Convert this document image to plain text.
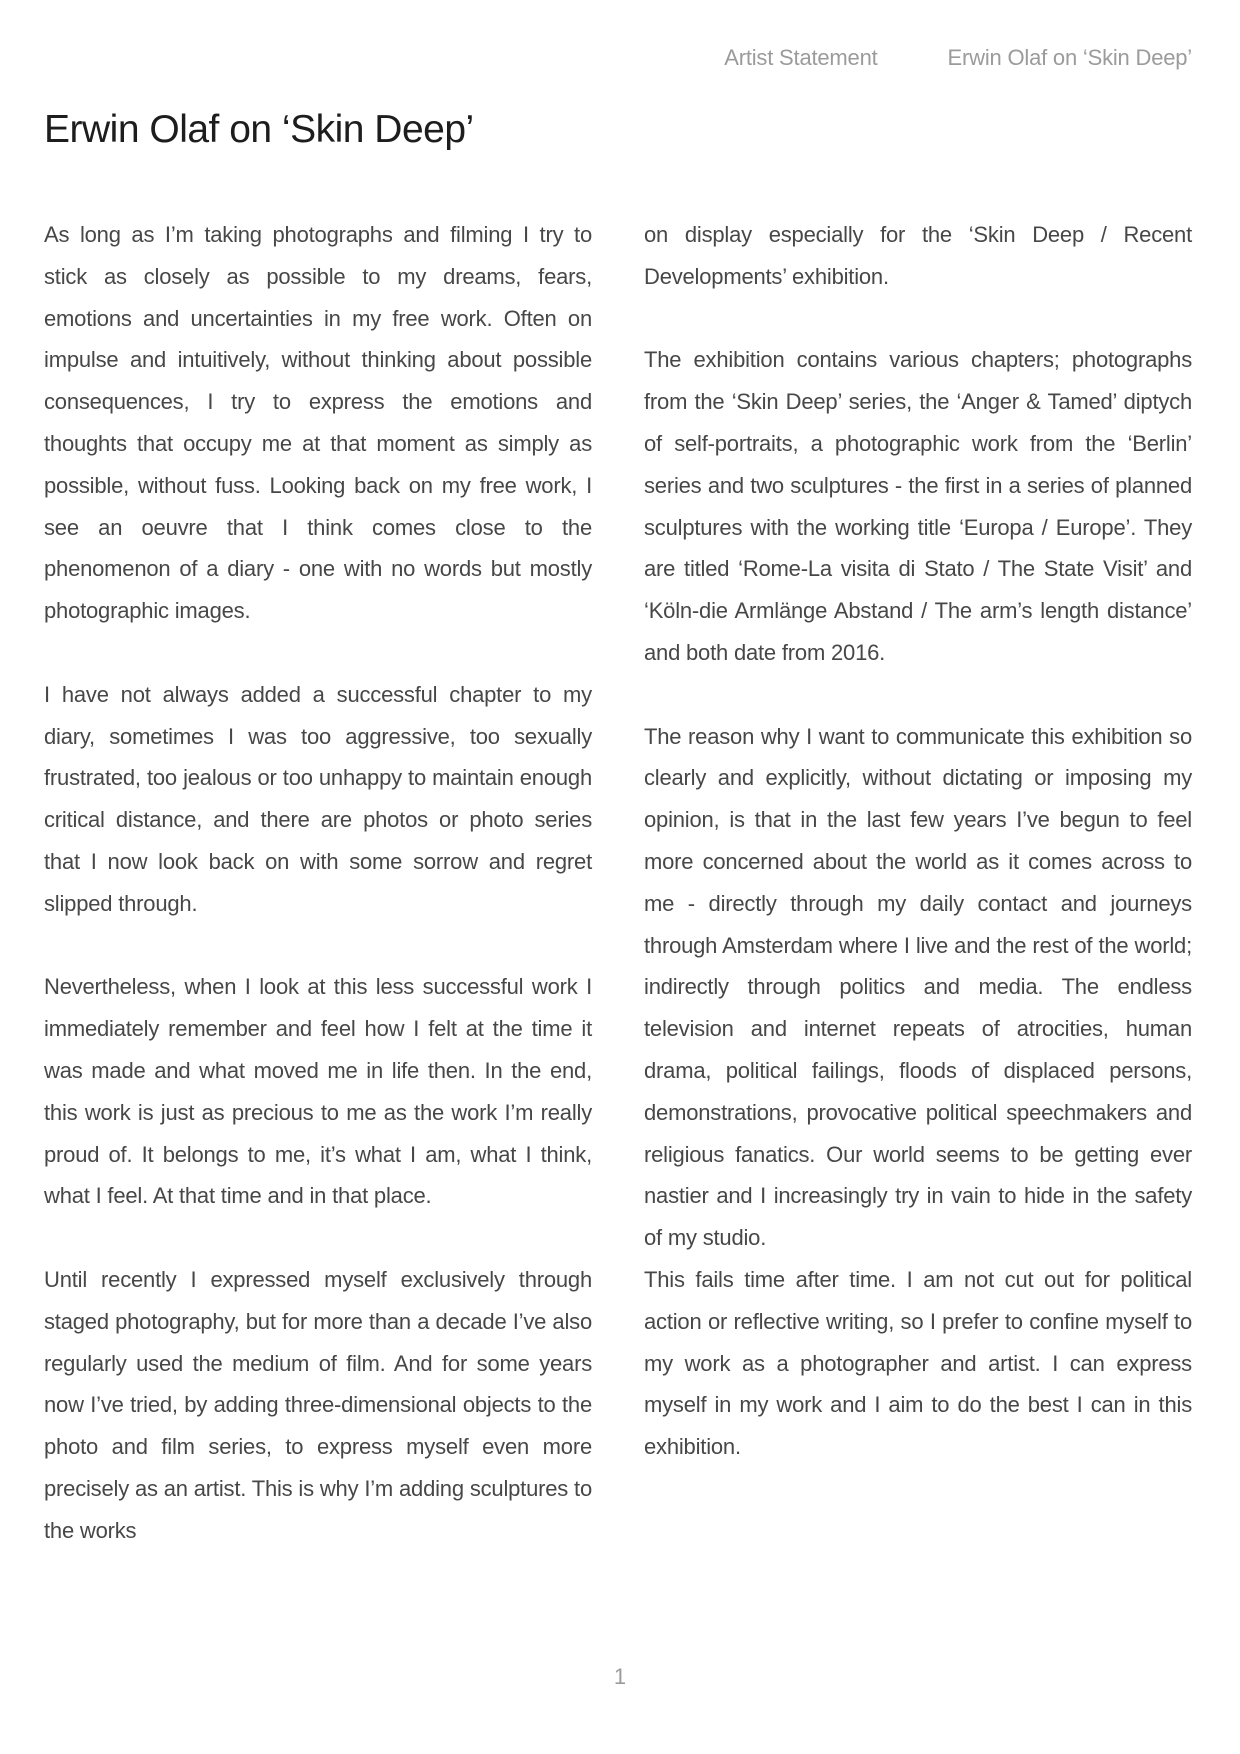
Artist Statement	Erwin Olaf on ‘Skin Deep’
Erwin Olaf on ‘Skin Deep’

As long as I’m taking photographs and filming I try to stick as closely as possible to my dreams, fears, emotions and uncertainties in my free work. Often on impulse and intuitively, without thinking about possible consequences, I try to express the emotions and thoughts that occupy me at that moment as simply as possible, without fuss. Looking back on my free work, I see an oeuvre that I think comes close to the phenomenon of a diary - one with no words but mostly photographic images.

I have not always added a successful chapter to my diary, sometimes I was too aggressive, too sexually frustrated, too jealous or too unhappy to maintain enough critical distance, and there are photos or photo series that I now look back on with some sorrow and regret slipped through.

Nevertheless, when I look at this less successful work I immediately remember and feel how I felt at the time it was made and what moved me in life then. In the end, this work is just as precious to me as the work I’m really proud of. It belongs to me, it’s what I am, what I think, what I feel. At that time and in that place.

Until recently I expressed myself exclusively through staged photography, but for more than a decade I’ve also regularly used the medium of film. And for some years now I’ve tried, by adding three-dimensional objects to the photo and film series, to express myself even more precisely as an artist. This is why I’m adding sculptures to the works

on display especially for the ‘Skin Deep / Recent Developments’ exhibition.

The exhibition contains various chapters; photographs from the ‘Skin Deep’ series, the ‘Anger & Tamed’ diptych of self-portraits, a photographic work from the ‘Berlin’ series and two sculptures - the first in a series of planned sculptures with the working title ‘Europa / Europe’. They are titled ‘Rome-La visita di Stato / The State Visit’ and ‘Köln-die Armlänge Abstand / The arm’s length distance’ and both date from 2016.

The reason why I want to communicate this exhibition so clearly and explicitly, without dictating or imposing my opinion, is that in the last few years I’ve begun to feel more concerned about the world as it comes across to me - directly through my daily contact and journeys through Amsterdam where I live and the rest of the world; indirectly through politics and media. The endless television and internet repeats of atrocities, human drama, political failings, floods of displaced persons, demonstrations, provocative political speechmakers and religious fanatics. Our world seems to be getting ever nastier and I increasingly try in vain to hide in the safety of my studio.

This fails time after time. I am not cut out for political action or reflective writing, so I prefer to confine myself to my work as a photographer and artist. I can express myself in my work and I aim to do the best I can in this exhibition.

1
